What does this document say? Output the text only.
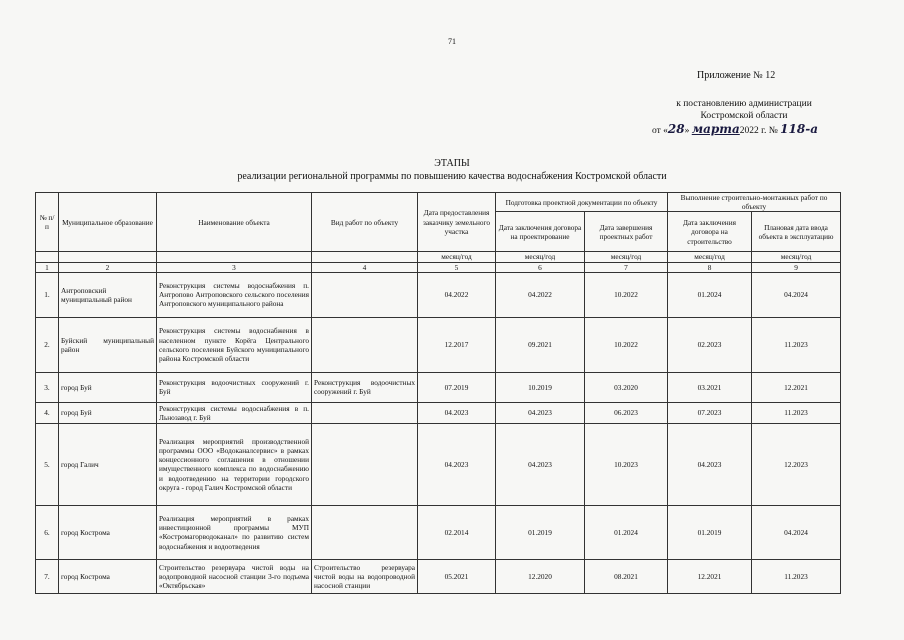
71
Приложение № 12
к постановлению администрации
Костромской области
от «28» марта2022 г. № 118-а
ЭТАПЫ
реализации региональной программы по повышению качества водоснабжения Костромской области
№ п/п	Муниципальное образование	Наименование объекта	Вид работ по объекту	Дата предоставления заказчику земельного участка	Подготовка проектной документации по объекту		Выполнение строительно-монтажных работ по объекту	
					Дата заключения договора на проектирование	Дата завершения проектных работ	Дата заключения договора на строительство	Плановая дата ввода объекта в эксплуатацию

				месяц/год	месяц/год	месяц/год	месяц/год	месяц/год
1	2	3	4	5	6	7	8	9
1.	Антроповский муниципальный район	Реконструкция системы водоснабжения п. Антропово Антроповского сельского поселения Антроповского муниципального района		04.2022	04.2022	10.2022	01.2024	04.2024
2.	Буйский муниципальный район	Реконструкция системы водоснабжения в населенном пункте Корёга Центрального сельского поселения Буйского муниципального района Костромской области		12.2017	09.2021	10.2022	02.2023	11.2023
3.	город Буй	Реконструкция водоочистных сооружений г. Буй	Реконструкция водоочистных сооружений г. Буй	07.2019	10.2019	03.2020	03.2021	12.2021
4.	город Буй	Реконструкция системы водоснабжения в п. Льнозавод г. Буй		04.2023	04.2023	06.2023	07.2023	11.2023
5.	город Галич	Реализация мероприятий производственной программы ООО «Водоканалсервис» в рамках концессионного соглашения в отношении имущественного комплекса по водоснабжению и водоотведению на территории городского округа - город Галич Костромской области		04.2023	04.2023	10.2023	04.2023	12.2023
6.	город Кострома	Реализация мероприятий в рамках инвестиционной программы МУП «Костромагорводоканал» по развитию систем водоснабжения и водоотведения		02.2014	01.2019	01.2024	01.2019	04.2024
7.	город Кострома	Строительство резервуара чистой воды на водопроводной насосной станции 3-го подъема «Октябрьская»	Строительство резервуара чистой воды на водопроводной насосной станции	05.2021	12.2020	08.2021	12.2021	11.2023
